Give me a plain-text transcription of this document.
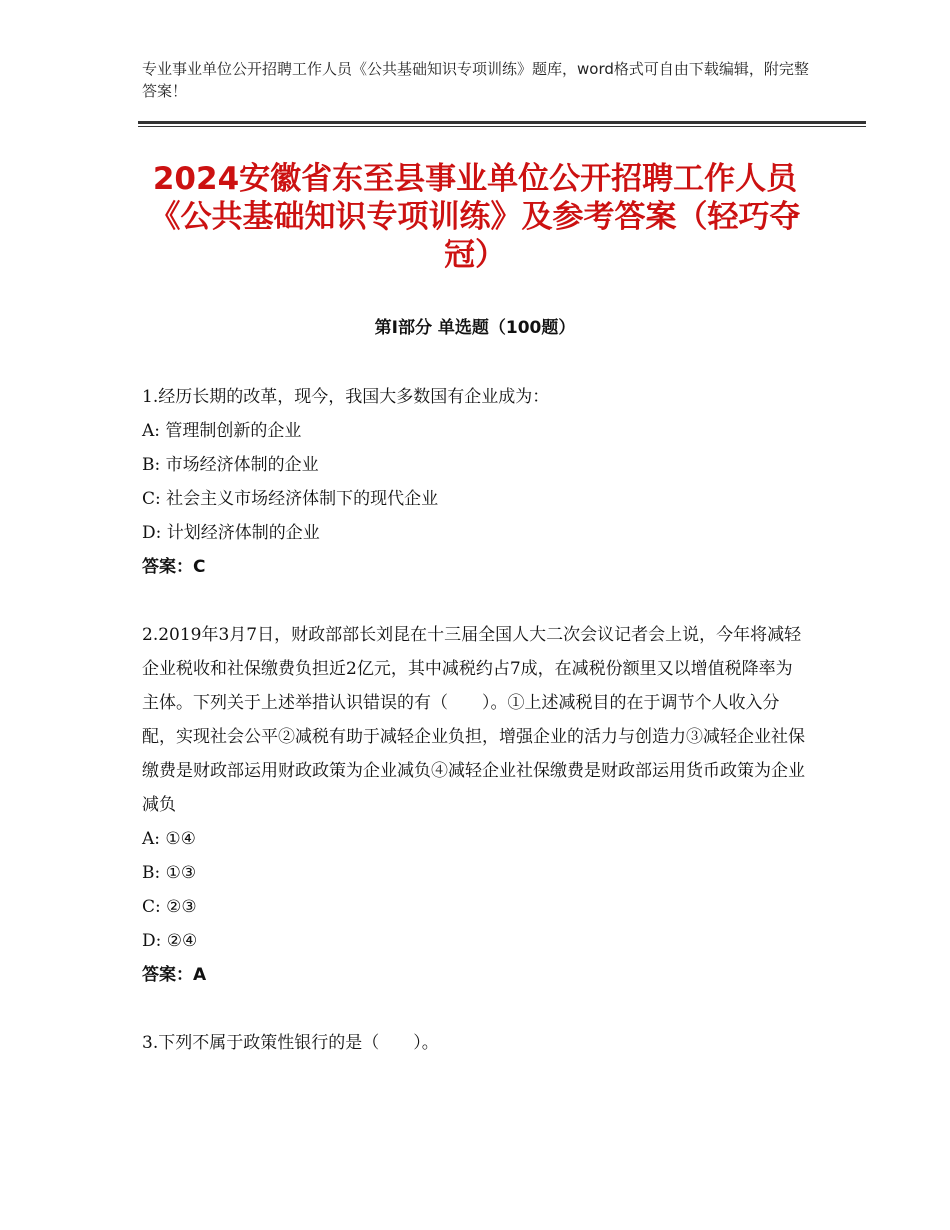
专业事业单位公开招聘工作人员《公共基础知识专项训练》题库，word格式可自由下载编辑，附完整答案！
2024安徽省东至县事业单位公开招聘工作人员《公共基础知识专项训练》及参考答案（轻巧夺冠）
第Ⅰ部分 单选题（100题）

1.经历长期的改革，现今，我国大多数国有企业成为：

A: 管理制创新的企业

B: 市场经济体制的企业

C: 社会主义市场经济体制下的现代企业

D: 计划经济体制的企业

答案：C

2.2019年3月7日，财政部部长刘昆在十三届全国人大二次会议记者会上说，今年将减轻企业税收和社保缴费负担近2亿元，其中减税约占7成，在减税份额里又以增值税降率为主体。下列关于上述举措认识错误的有（　　）。①上述减税目的在于调节个人收入分配，实现社会公平②减税有助于减轻企业负担，增强企业的活力与创造力③减轻企业社保缴费是财政部运用财政政策为企业减负④减轻企业社保缴费是财政部运用货币政策为企业减负

A: ①④

B: ①③

C: ②③

D: ②④

答案：A

3.下列不属于政策性银行的是（　　）。
